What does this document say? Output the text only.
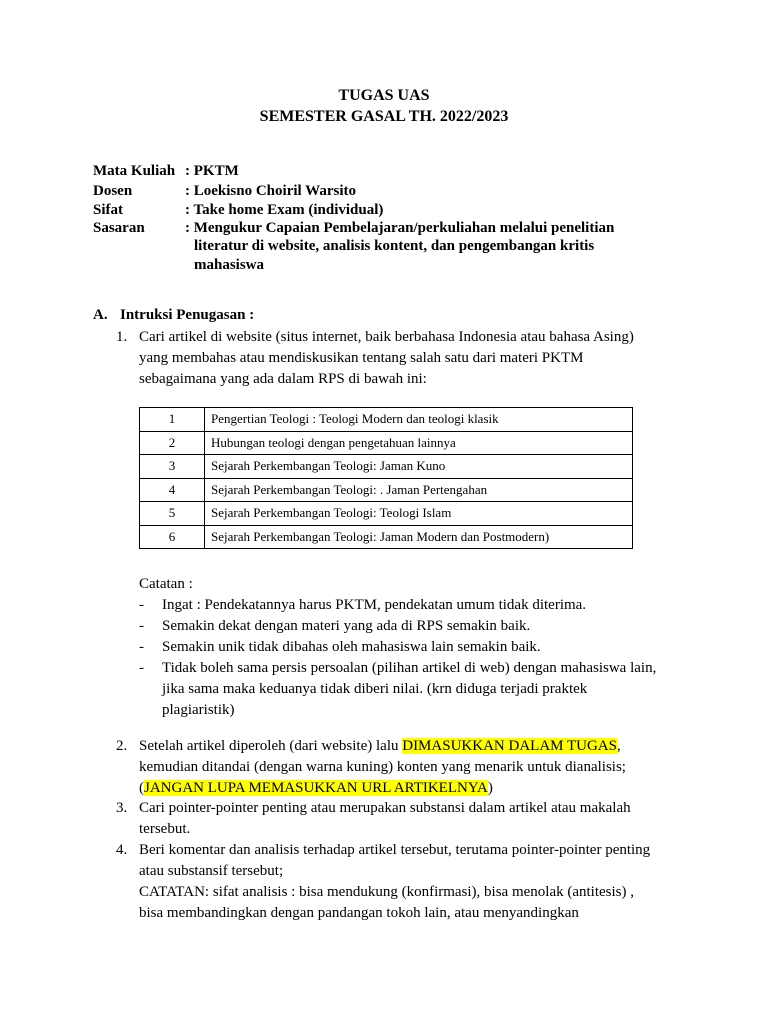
TUGAS UAS
SEMESTER GASAL TH. 2022/2023
Mata Kuliah : PKTM
Dosen	: Loekisno Choiril Warsito
Sifat	: Take home Exam (individual)
Sasaran	: Mengukur Capaian Pembelajaran/perkuliahan melalui penelitian
literatur di website, analisis kontent, dan pengembangan kritis
mahasiswa
A. Intruksi Penugasan :
1. Cari artikel di website (situs internet, baik berbahasa Indonesia atau bahasa Asing)
yang membahas atau mendiskusikan tentang salah satu dari materi PKTM
sebagaimana yang ada dalam RPS di bawah ini:
1	Pengertian Teologi : Teologi Modern dan teologi klasik
2	Hubungan teologi dengan pengetahuan lainnya
3	Sejarah Perkembangan Teologi: Jaman Kuno
4	Sejarah Perkembangan Teologi: . Jaman Pertengahan
5	Sejarah Perkembangan Teologi: Teologi Islam
6	Sejarah Perkembangan Teologi: Jaman Modern dan Postmodern)
Catatan :
- Ingat : Pendekatannya harus PKTM, pendekatan umum tidak diterima.
- Semakin dekat dengan materi yang ada di RPS semakin baik.
- Semakin unik tidak dibahas oleh mahasiswa lain semakin baik.
- Tidak boleh sama persis persoalan (pilihan artikel di web) dengan mahasiswa lain,
jika sama maka keduanya tidak diberi nilai. (krn diduga terjadi praktek
plagiaristik)
2. Setelah artikel diperoleh (dari website) lalu DIMASUKKAN DALAM TUGAS,
kemudian ditandai (dengan warna kuning) konten yang menarik untuk dianalisis;
(JANGAN LUPA MEMASUKKAN URL ARTIKELNYA)
3. Cari pointer-pointer penting atau merupakan substansi dalam artikel atau makalah
tersebut.
4. Beri komentar dan analisis terhadap artikel tersebut, terutama pointer-pointer penting
atau substansif tersebut;
CATATAN: sifat analisis : bisa mendukung (konfirmasi), bisa menolak (antitesis) ,
bisa membandingkan dengan pandangan tokoh lain, atau menyandingkan
